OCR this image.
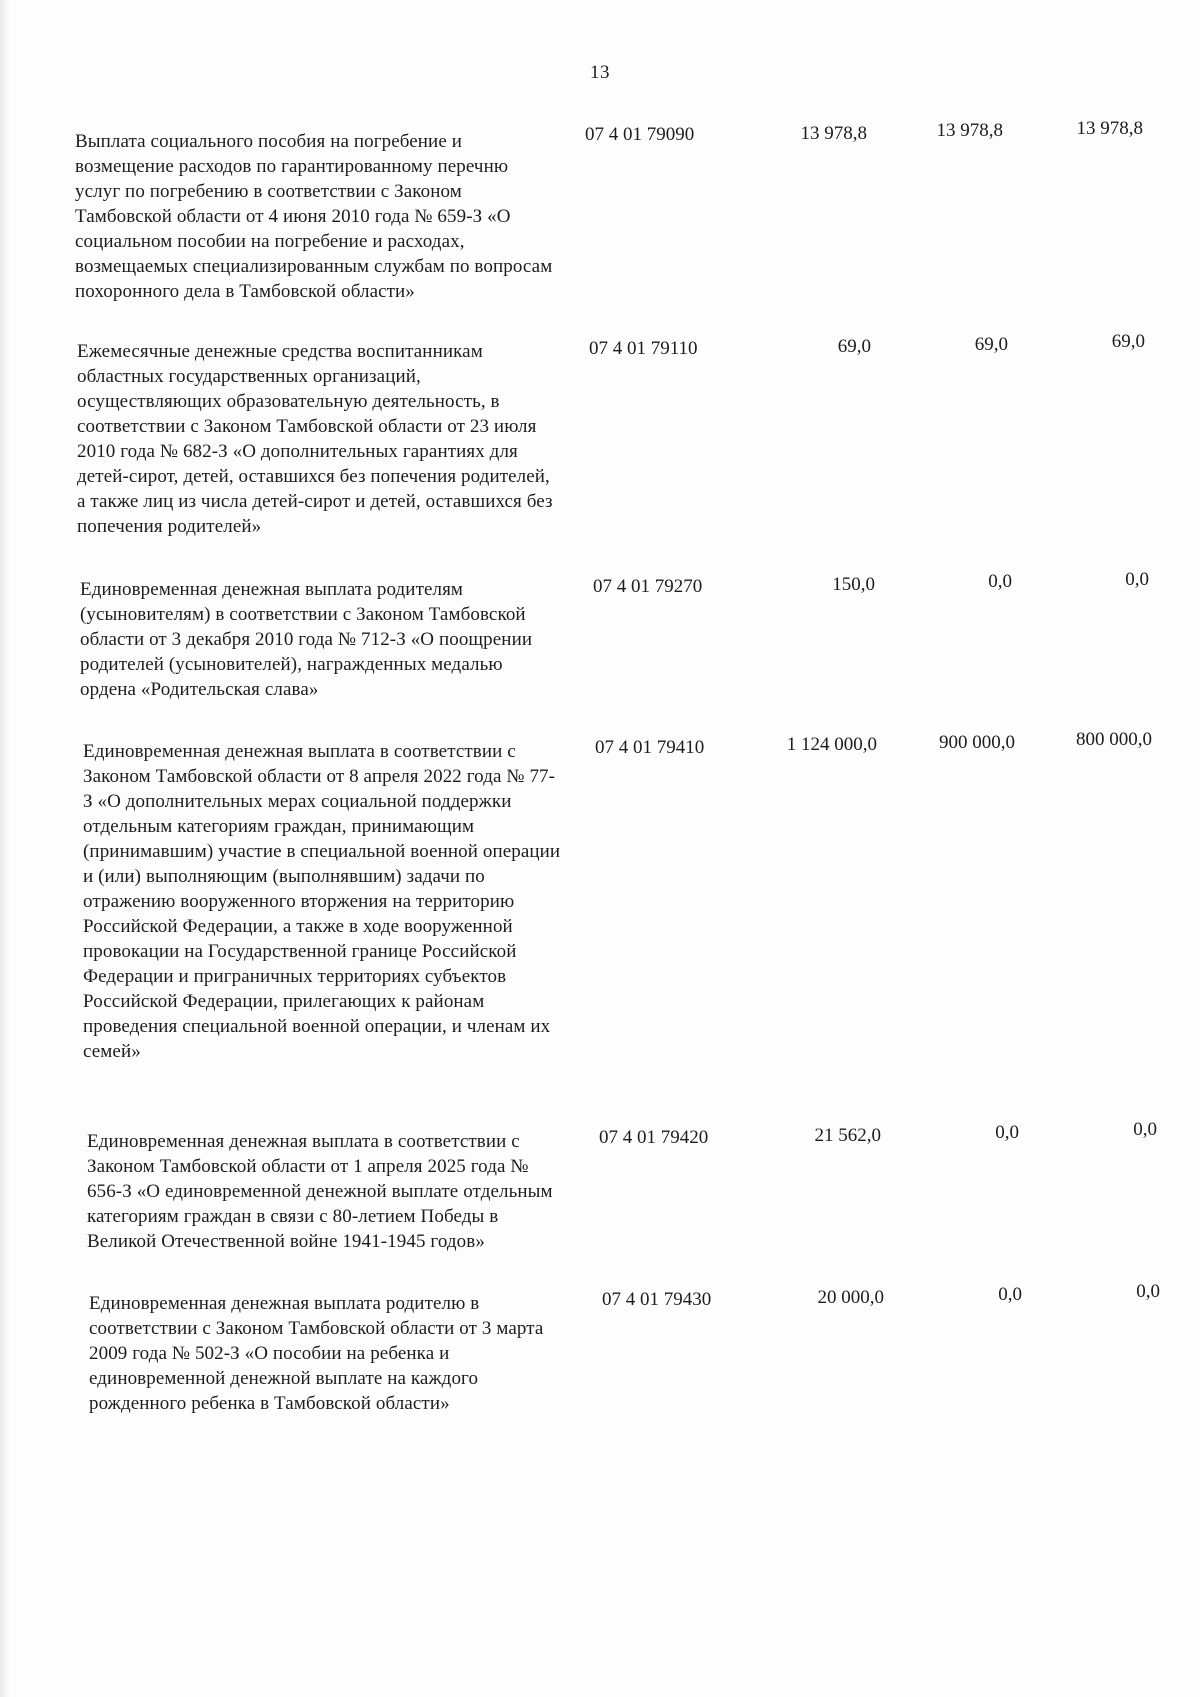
13
Выплата социального пособия на погребение и возмещение расходов по гарантированному перечню услуг по погребению в соответствии с Законом Тамбовской области от 4 июня 2010 года № 659-З «О социальном пособии на погребение и расходах, возмещаемых специализированным службам по вопросам похоронного дела в Тамбовской области»
07 4 01 79090	13 978,8	13 978,8	13 978,8
Ежемесячные денежные средства воспитанникам областных государственных организаций, осуществляющих образовательную деятельность, в соответствии с Законом Тамбовской области от 23 июля 2010 года № 682-З «О дополнительных гарантиях для детей-сирот, детей, оставшихся без попечения родителей, а также лиц из числа детей-сирот и детей, оставшихся без попечения родителей»
07 4 01 79110	69,0	69,0	69,0
Единовременная денежная выплата родителям (усыновителям) в соответствии с Законом Тамбовской области от 3 декабря 2010 года № 712-З «О поощрении родителей (усыновителей), награжденных медалью ордена «Родительская слава»
07 4 01 79270	150,0	0,0	0,0
Единовременная денежная выплата в соответствии с Законом Тамбовской области от 8 апреля 2022 года № 77-З «О дополнительных мерах социальной поддержки отдельным категориям граждан, принимающим (принимавшим) участие в специальной военной операции и (или) выполняющим (выполнявшим) задачи по отражению вооруженного вторжения на территорию Российской Федерации, а также в ходе вооруженной провокации на Государственной границе Российской Федерации и приграничных территориях субъектов Российской Федерации, прилегающих к районам проведения специальной военной операции, и членам их семей»
07 4 01 79410	1 124 000,0	900 000,0	800 000,0
Единовременная денежная выплата в соответствии с Законом Тамбовской области от 1 апреля 2025 года № 656-З «О единовременной денежной выплате отдельным категориям граждан в связи с 80-летием Победы в Великой Отечественной войне 1941-1945 годов»
07 4 01 79420	21 562,0	0,0	0,0
Единовременная денежная выплата родителю в соответствии с Законом Тамбовской области от 3 марта 2009 года № 502-З «О пособии на ребенка и единовременной денежной выплате на каждого рожденного ребенка в Тамбовской области»
07 4 01 79430	20 000,0	0,0	0,0
